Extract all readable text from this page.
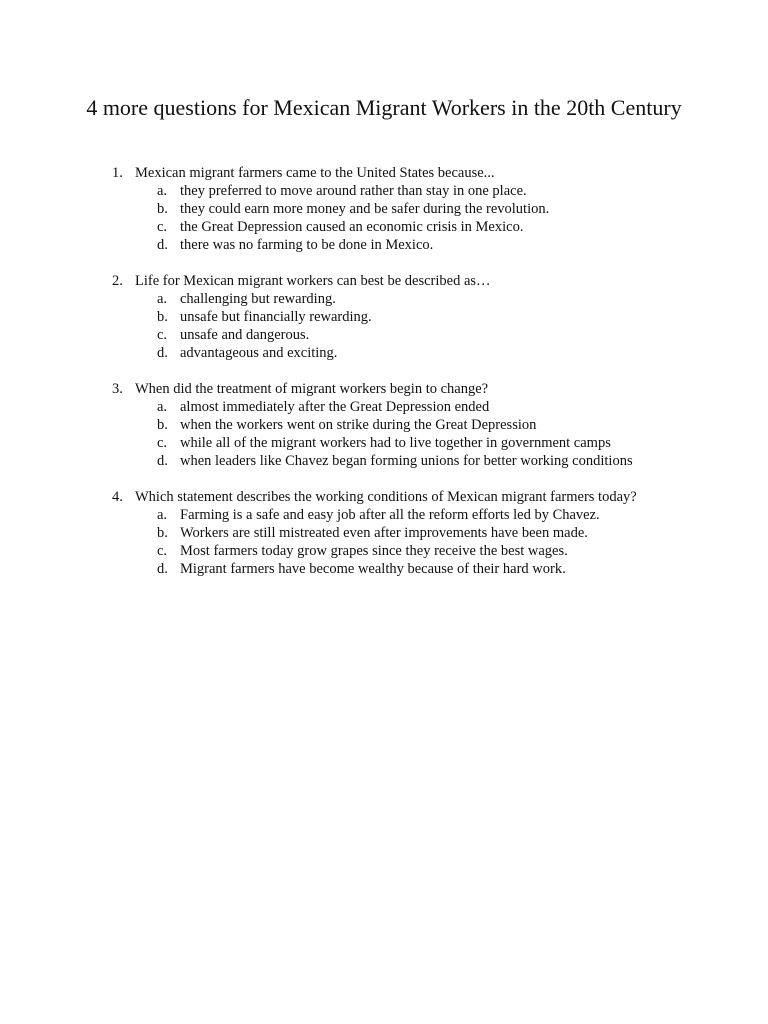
4 more questions for Mexican Migrant Workers in the 20th Century
1. Mexican migrant farmers came to the United States because...
a. they preferred to move around rather than stay in one place.
b. they could earn more money and be safer during the revolution.
c. the Great Depression caused an economic crisis in Mexico.
d. there was no farming to be done in Mexico.
2. Life for Mexican migrant workers can best be described as…
a. challenging but rewarding.
b. unsafe but financially rewarding.
c. unsafe and dangerous.
d. advantageous and exciting.
3. When did the treatment of migrant workers begin to change?
a. almost immediately after the Great Depression ended
b. when the workers went on strike during the Great Depression
c. while all of the migrant workers had to live together in government camps
d. when leaders like Chavez began forming unions for better working conditions
4. Which statement describes the working conditions of Mexican migrant farmers today?
a. Farming is a safe and easy job after all the reform efforts led by Chavez.
b. Workers are still mistreated even after improvements have been made.
c. Most farmers today grow grapes since they receive the best wages.
d. Migrant farmers have become wealthy because of their hard work.
